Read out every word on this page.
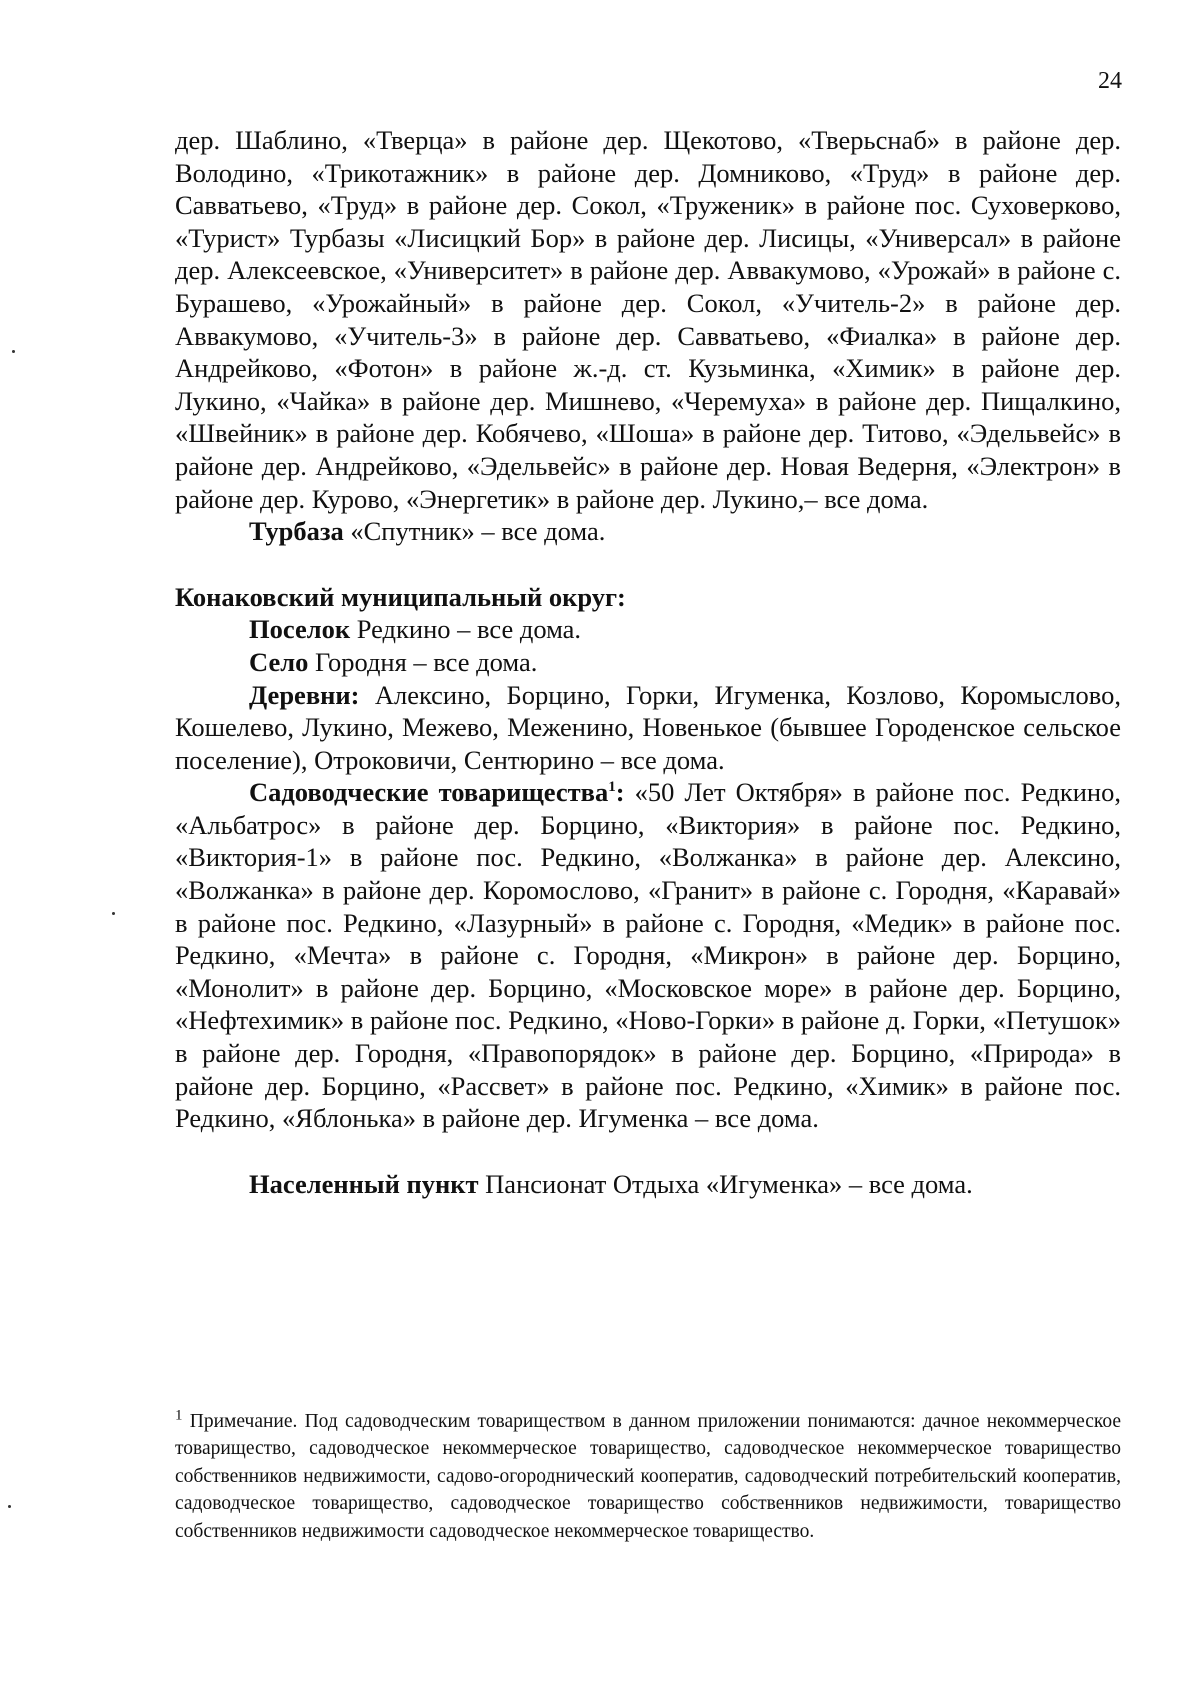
24

дер. Шаблино, «Тверца» в районе дер. Щекотово, «Тверьснаб» в районе дер. Володино, «Трикотажник» в районе дер. Домниково, «Труд» в районе дер. Савватьево, «Труд» в районе дер. Сокол, «Труженик» в районе пос. Суховерково, «Турист» Турбазы «Лисицкий Бор» в районе дер. Лисицы, «Универсал» в районе дер. Алексеевское, «Университет» в районе дер. Аввакумово, «Урожай» в районе с. Бурашево, «Урожайный» в районе дер. Сокол, «Учитель-2» в районе дер. Аввакумово, «Учитель-3» в районе дер. Савватьево, «Фиалка» в районе дер. Андрейково, «Фотон» в районе ж.-д. ст. Кузьминка, «Химик» в районе дер. Лукино, «Чайка» в районе дер. Мишнево, «Черемуха» в районе дер. Пищалкино, «Швейник» в районе дер. Кобячево, «Шоша» в районе дер. Титово, «Эдельвейс» в районе дер. Андрейково, «Эдельвейс» в районе дер. Новая Ведерня, «Электрон» в районе дер. Курово, «Энергетик» в районе дер. Лукино,– все дома.

Турбаза «Спутник» – все дома.

Конаковский муниципальный округ:

Поселок Редкино – все дома.

Село Городня – все дома.

Деревни: Алексино, Борцино, Горки, Игуменка, Козлово, Коромыслово, Кошелево, Лукино, Межево, Меженино, Новенькое (бывшее Городенское сельское поселение), Отроковичи, Сентюрино – все дома.

Садоводческие товарищества$^1$: «50 Лет Октября» в районе пос. Редкино, «Альбатрос» в районе дер. Борцино, «Виктория» в районе пос. Редкино, «Виктория-1» в районе пос. Редкино, «Волжанка» в районе дер. Алексино, «Волжанка» в районе дер. Коромослово, «Гранит» в районе с. Городня, «Каравай» в районе пос. Редкино, «Лазурный» в районе с. Городня, «Медик» в районе пос. Редкино, «Мечта» в районе с. Городня, «Микрон» в районе дер. Борцино, «Монолит» в районе дер. Борцино, «Московское море» в районе дер. Борцино, «Нефтехимик» в районе пос. Редкино, «Ново-Горки» в районе д. Горки, «Петушок» в районе дер. Городня, «Правопорядок» в районе дер. Борцино, «Природа» в районе дер. Борцино, «Рассвет» в районе пос. Редкино, «Химик» в районе пос. Редкино, «Яблонька» в районе дер. Игуменка – все дома.

Населенный пункт Пансионат Отдыха «Игуменка» – все дома.

$^1$ Примечание. Под садоводческим товариществом в данном приложении понимаются: дачное некоммерческое товарищество, садоводческое некоммерческое товарищество, садоводческое некоммерческое товарищество собственников недвижимости, садово-огороднический кооператив, садоводческий потребительский кооператив, садоводческое товарищество, садоводческое товарищество собственников недвижимости, товарищество собственников недвижимости садоводческое некоммерческое товарищество.
